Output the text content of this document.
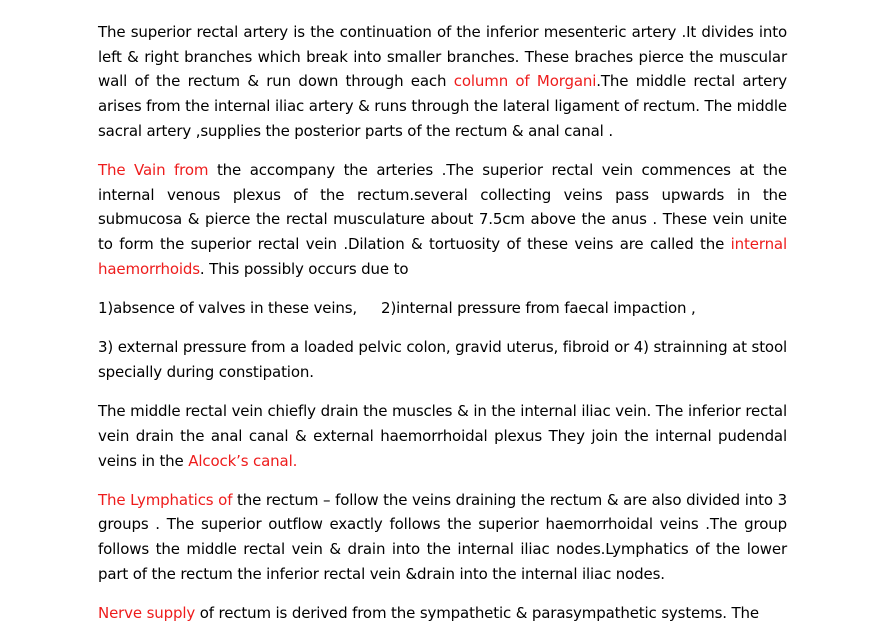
The superior rectal artery is the continuation of the inferior mesenteric artery .It divides into left & right branches which break into smaller branches. These braches pierce the muscular wall of the rectum & run down through each column of Morgani.The middle rectal artery arises from the internal iliac artery & runs through the lateral ligament of rectum. The middle sacral artery ,supplies the posterior parts of the rectum & anal canal .

The Vain from the accompany the arteries .The superior rectal vein commences at the internal venous plexus of the rectum.several collecting veins pass upwards in the submucosa & pierce the rectal musculature about 7.5cm above the anus . These vein unite to form the superior rectal vein .Dilation & tortuosity of these veins are called the internal haemorrhoids. This possibly occurs due to

1)absence of valves in these veins, 2)internal pressure from faecal impaction ,

3) external pressure from a loaded pelvic colon, gravid uterus, fibroid or 4) strainning at stool specially during constipation.

The middle rectal vein chiefly drain the muscles & in the internal iliac vein. The inferior rectal vein drain the anal canal & external haemorrhoidal plexus They join the internal pudendal veins in the Alcock’s canal.

The Lymphatics of the rectum – follow the veins draining the rectum & are also divided into 3 groups . The superior outflow exactly follows the superior haemorrhoidal veins .The group follows the middle rectal vein & drain into the internal iliac nodes.Lymphatics of the lower part of the rectum the inferior rectal vein &drain into the internal iliac nodes.

Nerve supply of rectum is derived from the sympathetic & parasympathetic systems. The
